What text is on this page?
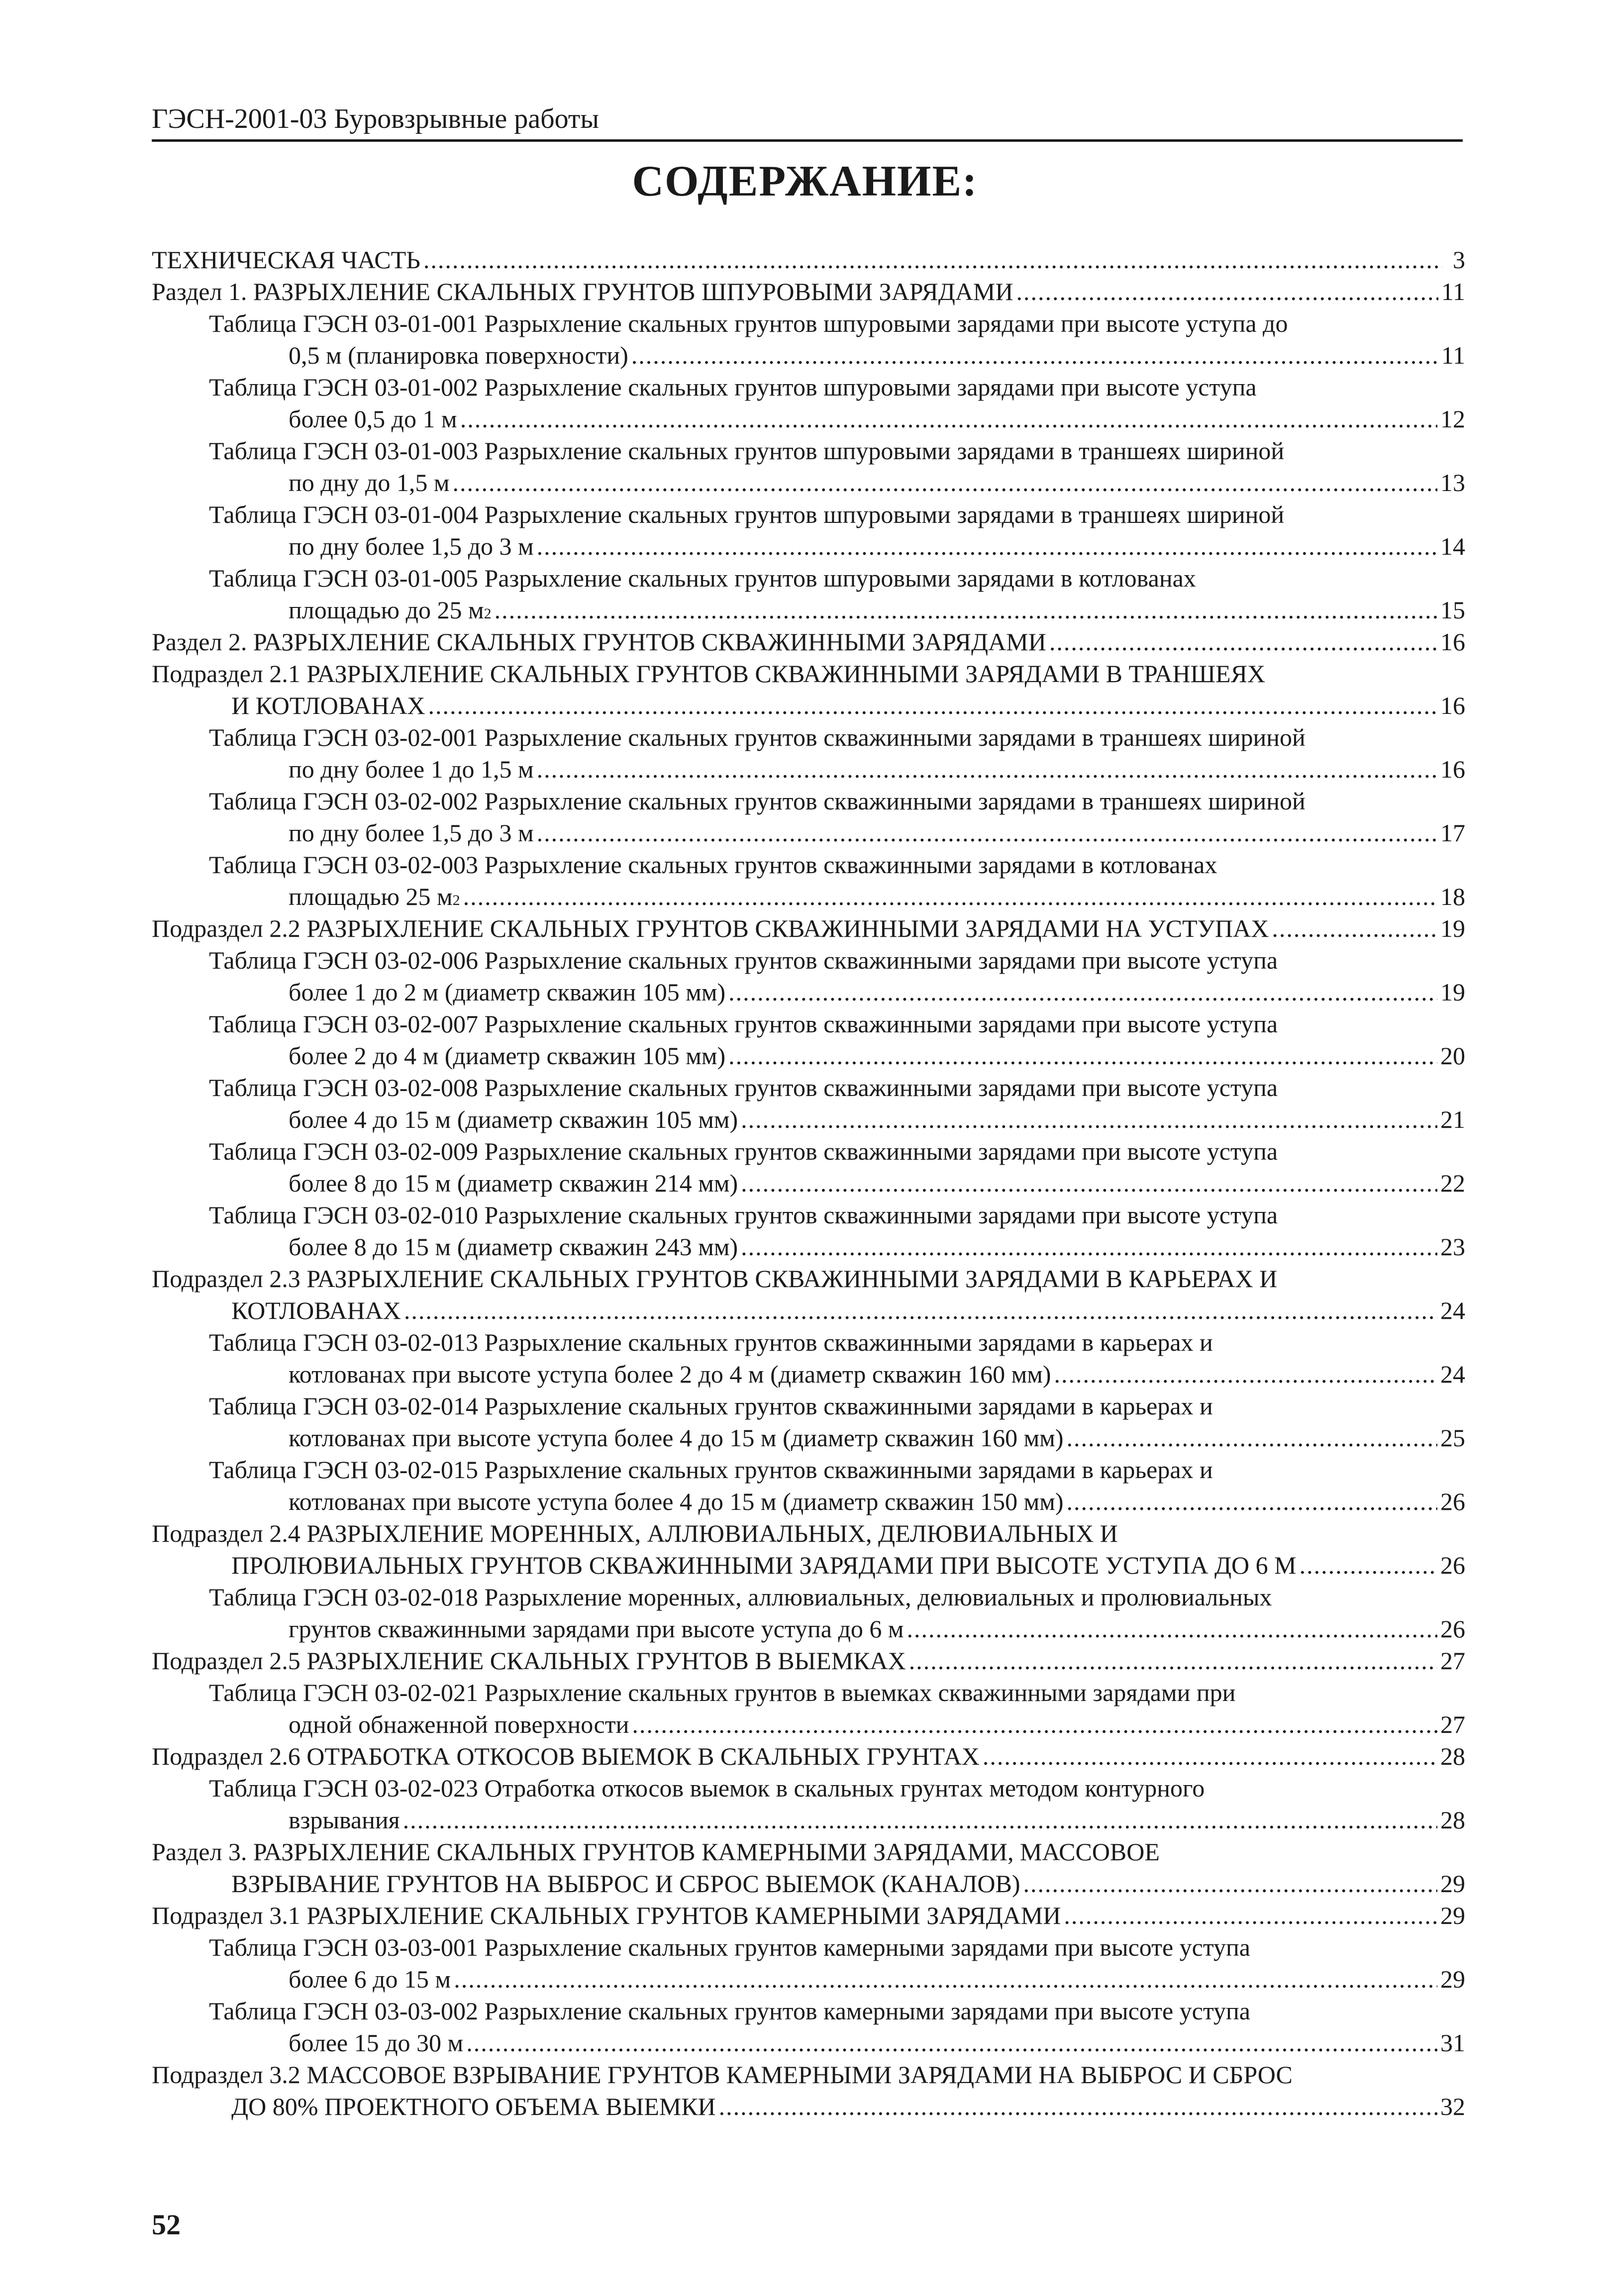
ГЭСН-2001-03 Буровзрывные работы
СОДЕРЖАНИЕ:
ТЕХНИЧЕСКАЯ ЧАСТЬ .....	3
Раздел 1. РАЗРЫХЛЕНИЕ СКАЛЬНЫХ ГРУНТОВ ШПУРОВЫМИ ЗАРЯДАМИ .....	11
Таблица ГЭСН 03-01-001 Разрыхление скальных грунтов шпуровыми зарядами при высоте уступа до
0,5 м (планировка поверхности) .....	11
Таблица ГЭСН 03-01-002 Разрыхление скальных грунтов шпуровыми зарядами при высоте уступа
более 0,5 до 1 м .....	12
Таблица ГЭСН 03-01-003 Разрыхление скальных грунтов шпуровыми зарядами в траншеях шириной
по дну до 1,5 м .....	13
Таблица ГЭСН 03-01-004 Разрыхление скальных грунтов шпуровыми зарядами в траншеях шириной
по дну более 1,5 до 3 м .....	14
Таблица ГЭСН 03-01-005 Разрыхление скальных грунтов шпуровыми зарядами в котлованах
площадью до 25 м 2 .....	15
Раздел 2. РАЗРЫХЛЕНИЕ СКАЛЬНЫХ ГРУНТОВ СКВАЖИННЫМИ ЗАРЯДАМИ .....	16
Подраздел 2.1 РАЗРЫХЛЕНИЕ СКАЛЬНЫХ ГРУНТОВ СКВАЖИННЫМИ ЗАРЯДАМИ В ТРАНШЕЯХ
И КОТЛОВАНАХ .....	16
Таблица ГЭСН 03-02-001 Разрыхление скальных грунтов скважинными зарядами в траншеях шириной
по дну более 1 до 1,5 м .....	16
Таблица ГЭСН 03-02-002 Разрыхление скальных грунтов скважинными зарядами в траншеях шириной
по дну более 1,5 до 3 м .....	17
Таблица ГЭСН 03-02-003 Разрыхление скальных грунтов скважинными зарядами в котлованах
площадью 25 м 2 .....	18
Подраздел 2.2 РАЗРЫХЛЕНИЕ СКАЛЬНЫХ ГРУНТОВ СКВАЖИННЫМИ ЗАРЯДАМИ НА УСТУПАХ .....	19
Таблица ГЭСН 03-02-006 Разрыхление скальных грунтов скважинными зарядами при высоте уступа
более 1 до 2 м (диаметр скважин 105 мм) .....	19
Таблица ГЭСН 03-02-007 Разрыхление скальных грунтов скважинными зарядами при высоте уступа
более 2 до 4 м (диаметр скважин 105 мм) .....	20
Таблица ГЭСН 03-02-008 Разрыхление скальных грунтов скважинными зарядами при высоте уступа
более 4 до 15 м (диаметр скважин 105 мм) .....	21
Таблица ГЭСН 03-02-009 Разрыхление скальных грунтов скважинными зарядами при высоте уступа
более 8 до 15 м (диаметр скважин 214 мм) .....	22
Таблица ГЭСН 03-02-010 Разрыхление скальных грунтов скважинными зарядами при высоте уступа
более 8 до 15 м (диаметр скважин 243 мм) .....	23
Подраздел 2.3 РАЗРЫХЛЕНИЕ СКАЛЬНЫХ ГРУНТОВ СКВАЖИННЫМИ ЗАРЯДАМИ В КАРЬЕРАХ И
КОТЛОВАНАХ .....	24
Таблица ГЭСН 03-02-013 Разрыхление скальных грунтов скважинными зарядами в карьерах и
котлованах при высоте уступа более 2 до 4 м (диаметр скважин 160 мм) .....	24
Таблица ГЭСН 03-02-014 Разрыхление скальных грунтов скважинными зарядами в карьерах и
котлованах при высоте уступа более 4 до 15 м (диаметр скважин 160 мм) .....	25
Таблица ГЭСН 03-02-015 Разрыхление скальных грунтов скважинными зарядами в карьерах и
котлованах при высоте уступа более 4 до 15 м (диаметр скважин 150 мм) .....	26
Подраздел 2.4 РАЗРЫХЛЕНИЕ МОРЕННЫХ, АЛЛЮВИАЛЬНЫХ, ДЕЛЮВИАЛЬНЫХ И
ПРОЛЮВИАЛЬНЫХ ГРУНТОВ СКВАЖИННЫМИ ЗАРЯДАМИ ПРИ ВЫСОТЕ УСТУПА ДО 6 М .....	26
Таблица ГЭСН 03-02-018 Разрыхление моренных, аллювиальных, делювиальных и пролювиальных
грунтов скважинными зарядами при высоте уступа до 6 м .....	26
Подраздел 2.5 РАЗРЫХЛЕНИЕ СКАЛЬНЫХ ГРУНТОВ В ВЫЕМКАХ .....	27
Таблица ГЭСН 03-02-021 Разрыхление скальных грунтов в выемках скважинными зарядами при
одной обнаженной поверхности .....	27
Подраздел 2.6 ОТРАБОТКА ОТКОСОВ ВЫЕМОК В СКАЛЬНЫХ ГРУНТАХ .....	28
Таблица ГЭСН 03-02-023 Отработка откосов выемок в скальных грунтах методом контурного
взрывания .....	28
Раздел 3. РАЗРЫХЛЕНИЕ СКАЛЬНЫХ ГРУНТОВ КАМЕРНЫМИ ЗАРЯДАМИ, МАССОВОЕ
ВЗРЫВАНИЕ ГРУНТОВ НА ВЫБРОС И СБРОС ВЫЕМОК (КАНАЛОВ) .....	29
Подраздел 3.1 РАЗРЫХЛЕНИЕ СКАЛЬНЫХ ГРУНТОВ КАМЕРНЫМИ ЗАРЯДАМИ .....	29
Таблица ГЭСН 03-03-001 Разрыхление скальных грунтов камерными зарядами при высоте уступа
более 6 до 15 м .....	29
Таблица ГЭСН 03-03-002 Разрыхление скальных грунтов камерными зарядами при высоте уступа
более 15 до 30 м .....	31
Подраздел 3.2 МАССОВОЕ ВЗРЫВАНИЕ ГРУНТОВ КАМЕРНЫМИ ЗАРЯДАМИ НА ВЫБРОС И СБРОС
ДО 80% ПРОЕКТНОГО ОБЪЕМА ВЫЕМКИ .....	32
52
